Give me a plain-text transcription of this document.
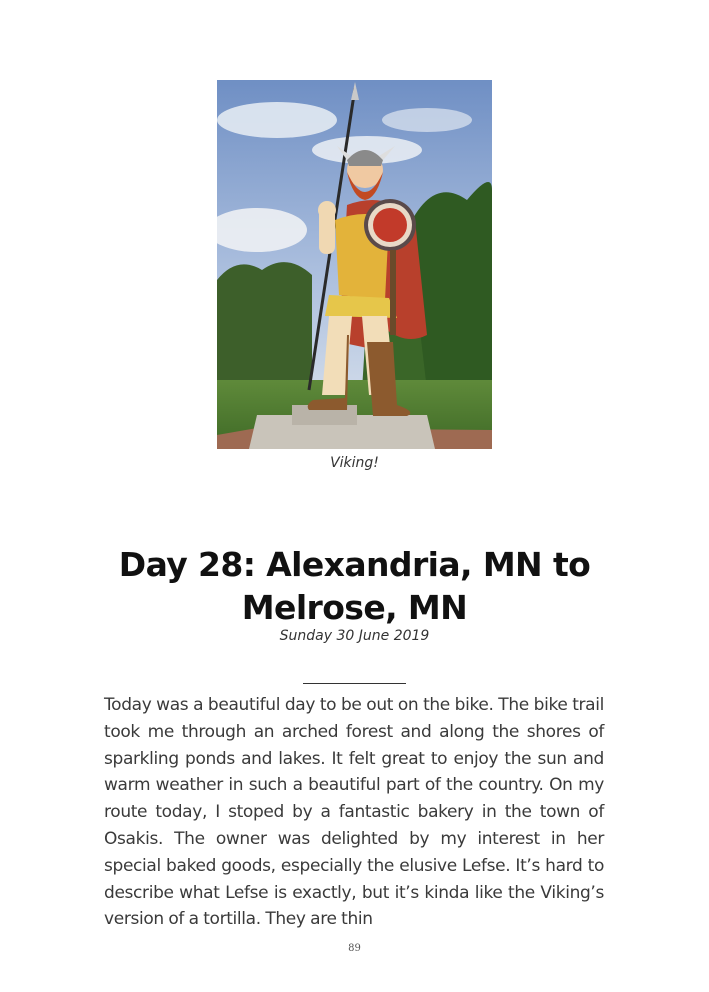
Viking!
Day 28: Alexandria, MN to Melrose, MN
Sunday 30 June 2019

Today was a beautiful day to be out on the bike. The bike trail took me through an arched forest and along the shores of sparkling ponds and lakes. It felt great to enjoy the sun and warm weather in such a beautiful part of the country. On my route today, I stoped by a fantastic bakery in the town of Osakis. The owner was delighted by my interest in her special baked goods, especially the elusive Lefse. It’s hard to describe what Lefse is exactly, but it’s kinda like the Viking’s version of a tortilla. They are thin

89
